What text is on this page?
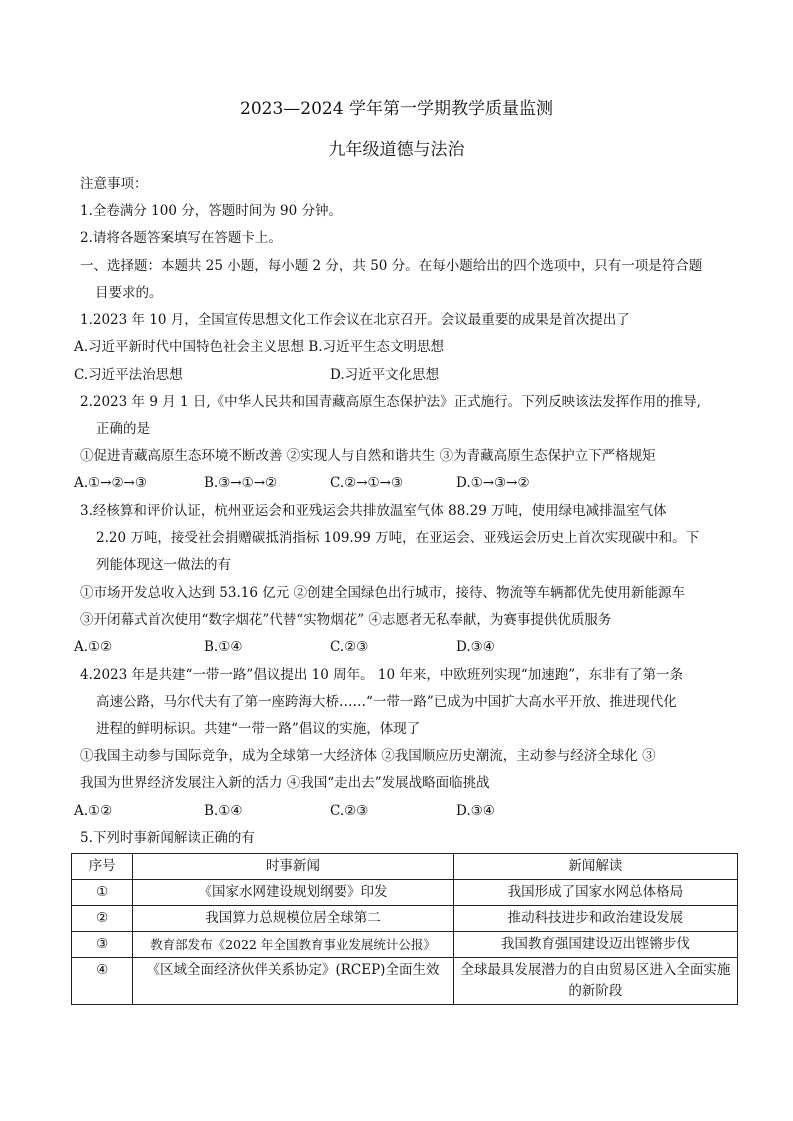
2023—2024 学年第一学期教学质量监测
九年级道德与法治
注意事项：
1.全卷满分 100 分，答题时间为 90 分钟。
2.请将各题答案填写在答题卡上。
一、选择题：本题共 25 小题，每小题 2 分，共 50 分。在每小题给出的四个选项中，只有一项是符合题
目要求的。
1.2023 年 10 月，全国宣传思想文化工作会议在北京召开。会议最重要的成果是首次提出了
A.习近平新时代中国特色社会主义思想 B.习近平生态文明思想
C.习近平法治思想	D.习近平文化思想
2.2023 年 9 月 1 日,《中华人民共和国青藏高原生态保护法》正式施行。下列反映该法发挥作用的推导,
正确的是
①促进青藏高原生态环境不断改善 ②实现人与自然和谐共生 ③为青藏高原生态保护立下严格规矩
A.①→②→③	B.③→①→②	C.②→①→③	D.①→③→②
3.经核算和评价认证，杭州亚运会和亚残运会共排放温室气体 88.29 万吨，使用绿电减排温室气体
2.20 万吨，接受社会捐赠碳抵消指标 109.99 万吨，在亚运会、亚残运会历史上首次实现碳中和。下
列能体现这一做法的有
①市场开发总收入达到 53.16 亿元 ②创建全国绿色出行城市，接待、物流等车辆都优先使用新能源车
③开闭幕式首次使用“数字烟花”代替“实物烟花” ④志愿者无私奉献，为赛事提供优质服务
A.①②	B.①④	C.②③	D.③④
4.2023 年是共建“一带一路”倡议提出 10 周年。 10 年来，中欧班列实现“加速跑”，东非有了第一条
高速公路，马尔代夫有了第一座跨海大桥……“一带一路”已成为中国扩大高水平开放、推进现代化
进程的鲜明标识。共建“一带一路”倡议的实施，体现了
①我国主动参与国际竞争，成为全球第一大经济体 ②我国顺应历史潮流，主动参与经济全球化 ③
我国为世界经济发展注入新的活力 ④我国“走出去”发展战略面临挑战
A.①②	B.①④	C.②③	D.③④
5.下列时事新闻解读正确的有
序号	时事新闻	新闻解读
①	《国家水网建设规划纲要》印发	我国形成了国家水网总体格局
②	我国算力总规模位居全球第二	推动科技进步和政治建设发展
③	教育部发布《2022 年全国教育事业发展统计公报》	我国教育强国建设迈出铿锵步伐
④	《区域全面经济伙伴关系协定》(RCEP)全面生效	全球最具发展潜力的自由贸易区进入全面实施的新阶段
